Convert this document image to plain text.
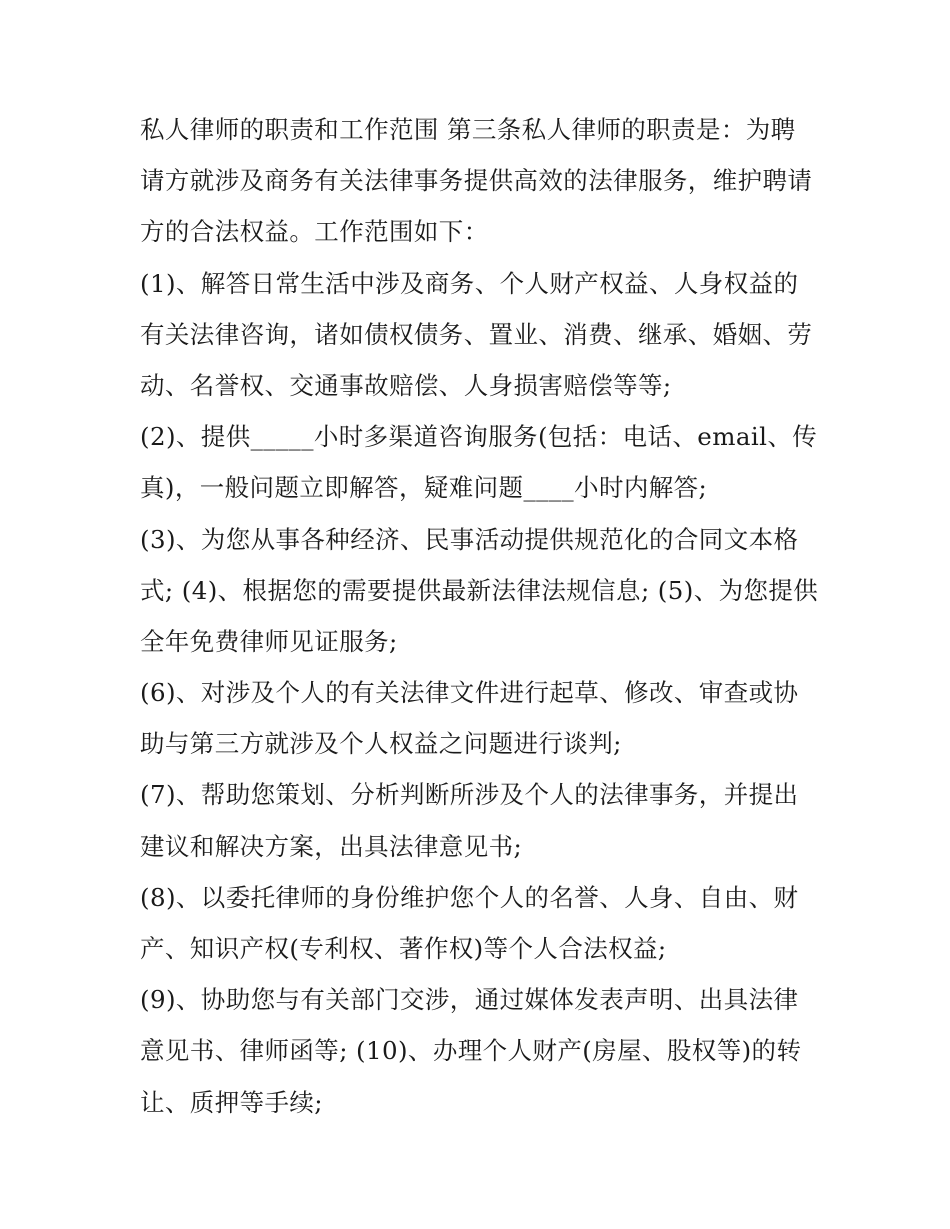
私人律师的职责和工作范围 第三条私人律师的职责是：为聘
请方就涉及商务有关法律事务提供高效的法律服务，维护聘请
方的合法权益。工作范围如下：
(1)、解答日常生活中涉及商务、个人财产权益、人身权益的
有关法律咨询，诸如债权债务、置业、消费、继承、婚姻、劳
动、名誉权、交通事故赔偿、人身损害赔偿等等;
(2)、提供_____小时多渠道咨询服务(包括：电话、email、传
真)，一般问题立即解答，疑难问题____小时内解答;
(3)、为您从事各种经济、民事活动提供规范化的合同文本格
式; (4)、根据您的需要提供最新法律法规信息; (5)、为您提供
全年免费律师见证服务;
(6)、对涉及个人的有关法律文件进行起草、修改、审查或协
助与第三方就涉及个人权益之问题进行谈判;
(7)、帮助您策划、分析判断所涉及个人的法律事务，并提出
建议和解决方案，出具法律意见书;
(8)、以委托律师的身份维护您个人的名誉、人身、自由、财
产、知识产权(专利权、著作权)等个人合法权益;
(9)、协助您与有关部门交涉，通过媒体发表声明、出具法律
意见书、律师函等; (10)、办理个人财产(房屋、股权等)的转
让、质押等手续;
